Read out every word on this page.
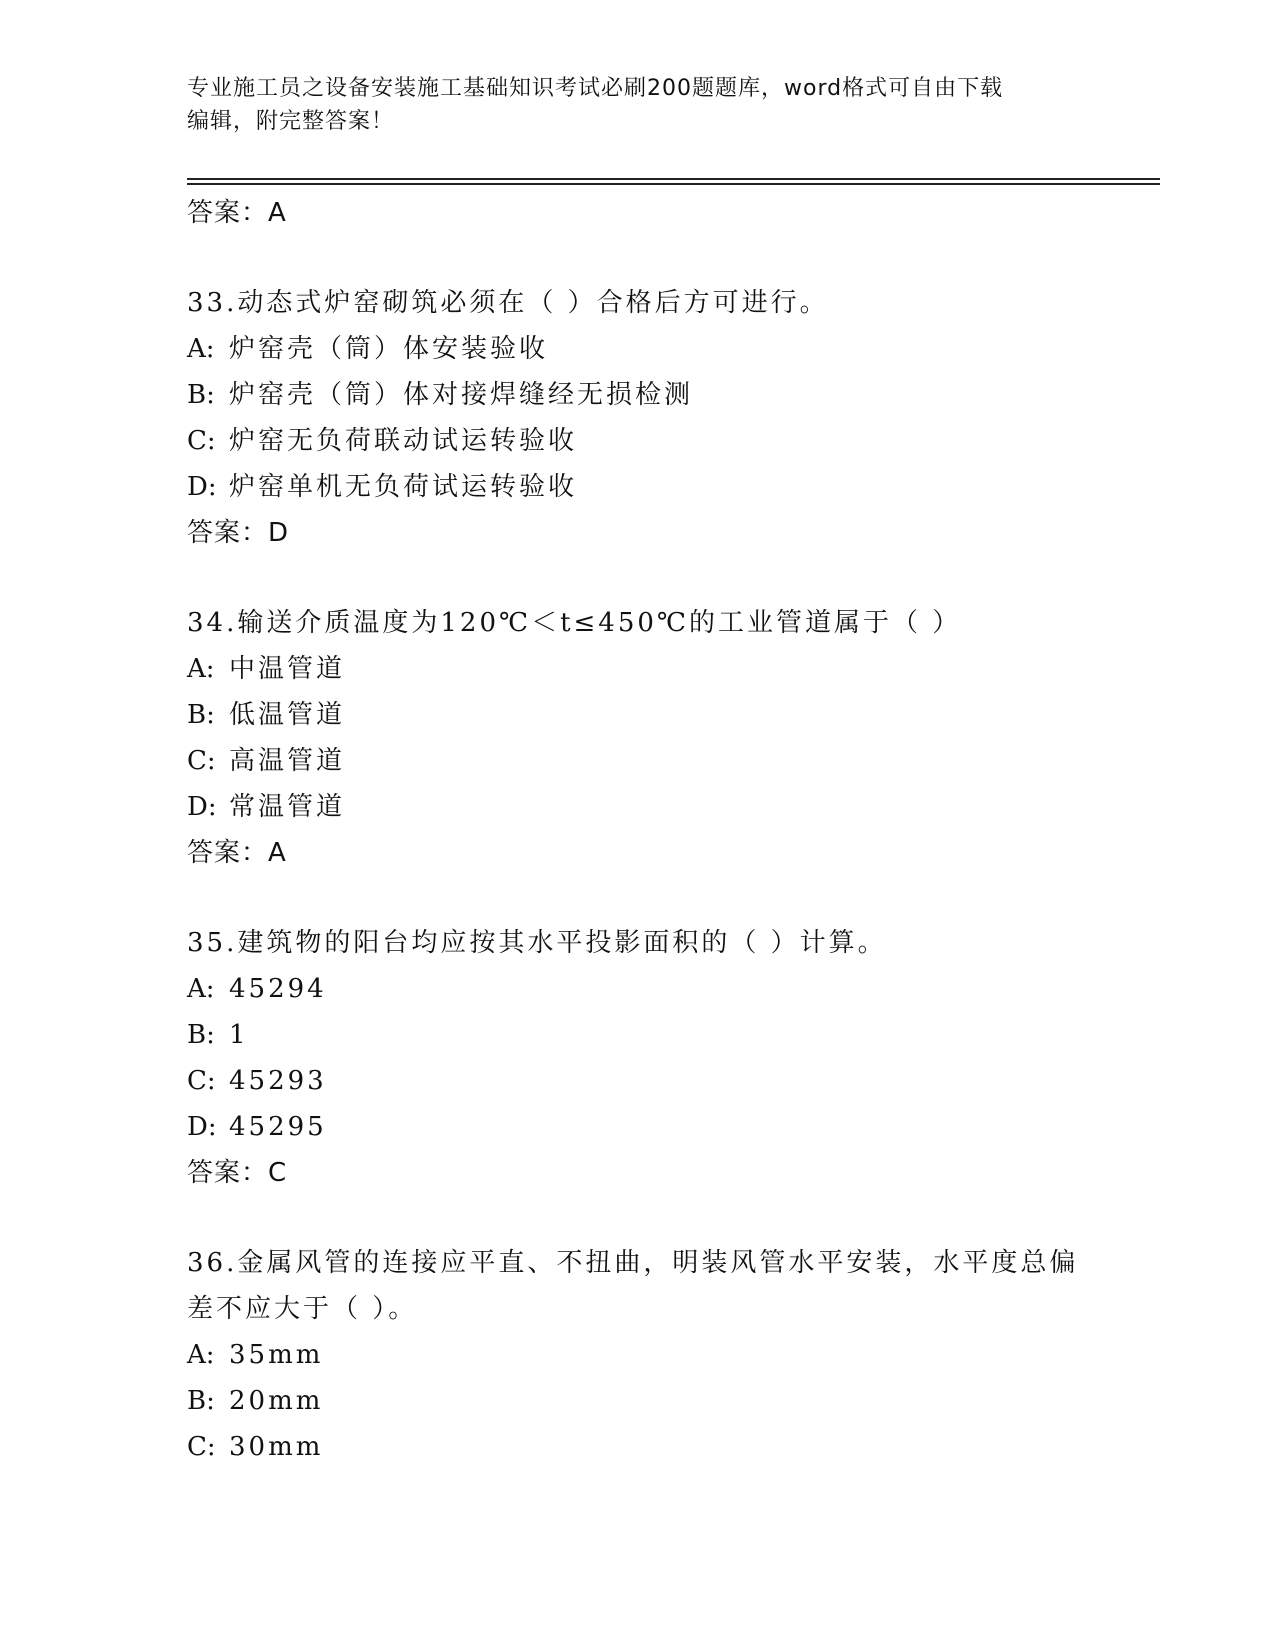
专业施工员之设备安装施工基础知识考试必刷200题题库，word格式可自由下载
编辑，附完整答案！
答案：A
33.动态式炉窑砌筑必须在（ ）合格后方可进行。
A: 炉窑壳（筒）体安装验收
B: 炉窑壳（筒）体对接焊缝经无损检测
C: 炉窑无负荷联动试运转验收
D: 炉窑单机无负荷试运转验收
答案：D
34.输送介质温度为120℃＜t≤450℃的工业管道属于（ ）
A: 中温管道
B: 低温管道
C: 高温管道
D: 常温管道
答案：A
35.建筑物的阳台均应按其水平投影面积的（ ）计算。
A: 45294
B: 1
C: 45293
D: 45295
答案：C
36.金属风管的连接应平直、不扭曲，明装风管水平安装，水平度总偏
差不应大于（ ）。
A: 35mm
B: 20mm
C: 30mm
